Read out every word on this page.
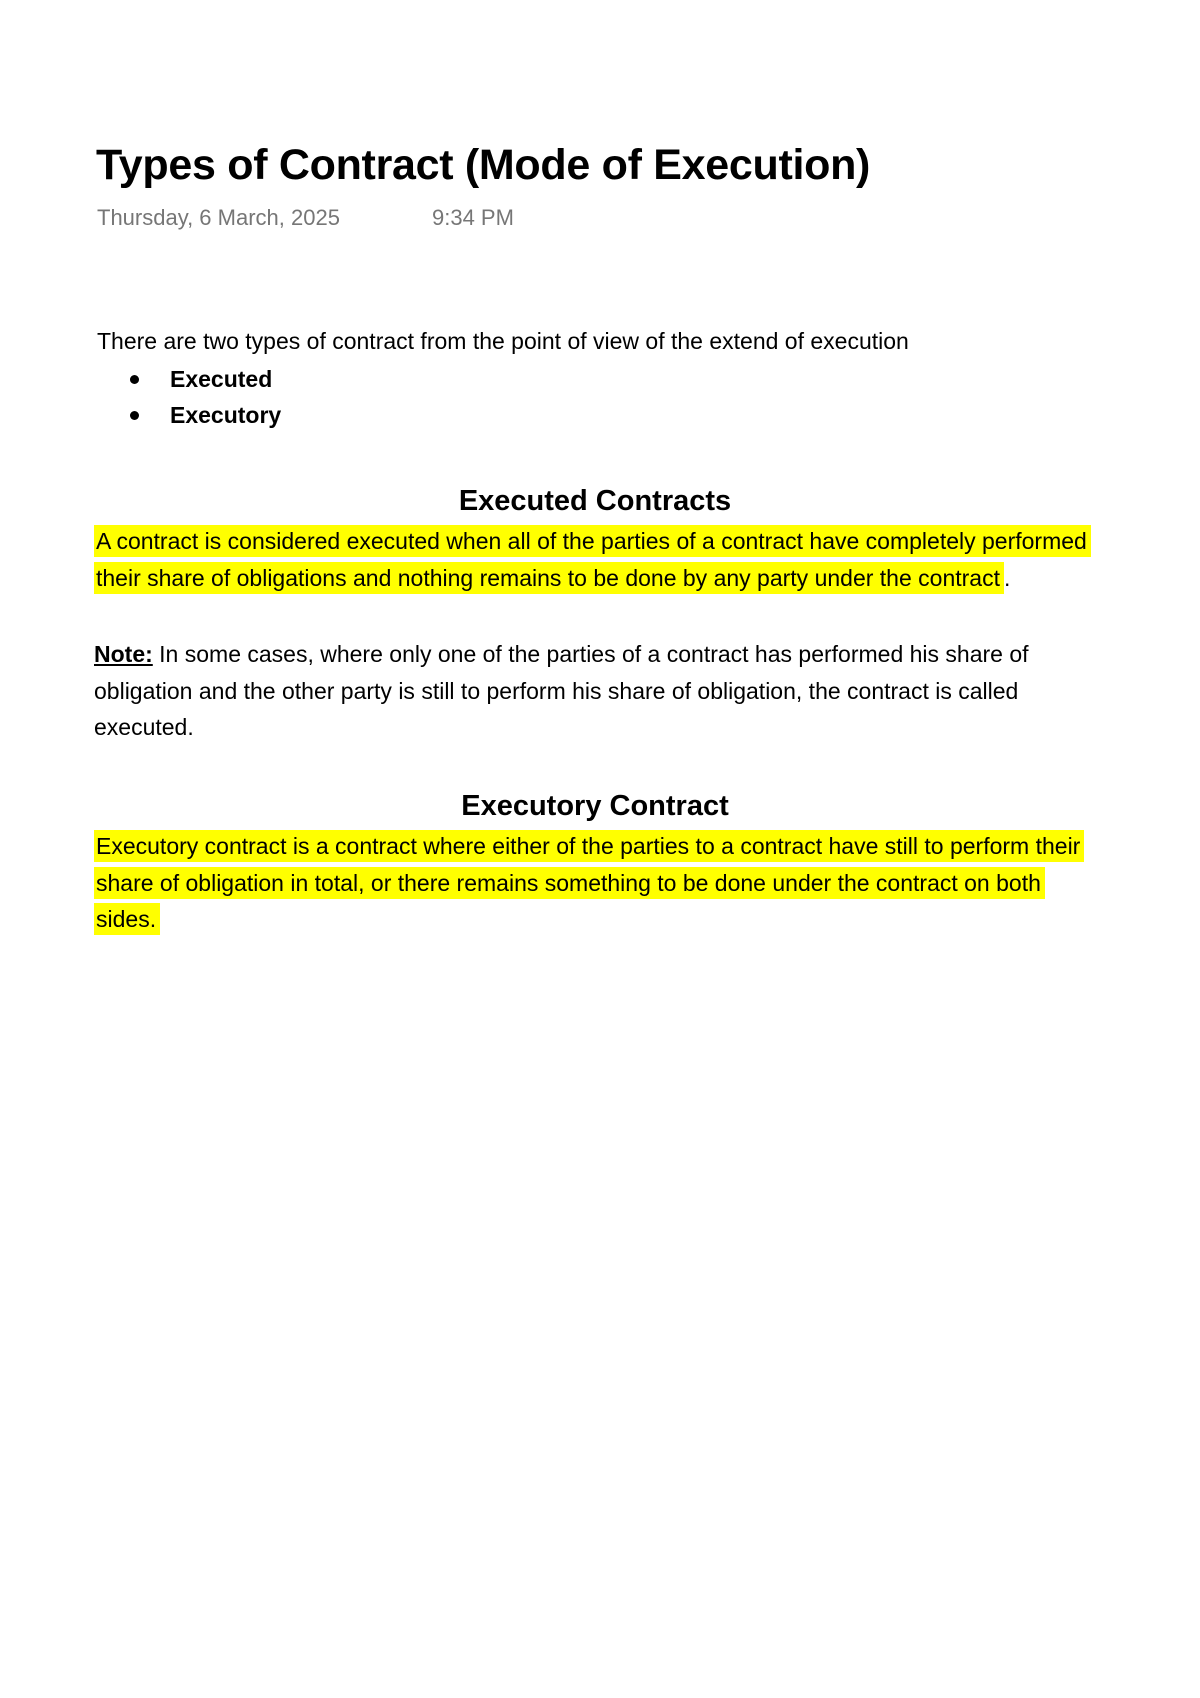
Types of Contract (Mode of Execution)
Thursday, 6 March, 2025	9:34 PM
There are two types of contract from the point of view of the extend of execution
Executed
Executory
Executed Contracts
A contract is considered executed when all of the parties of a contract have completely performed their share of obligations and nothing remains to be done by any party under the contract .
Note: In some cases, where only one of the parties of a contract has performed his share of obligation and the other party is still to perform his share of obligation, the contract is called executed.
Executory Contract
Executory contract is a contract where either of the parties to a contract have still to perform their share of obligation in total, or there remains something to be done under the contract on both sides.
